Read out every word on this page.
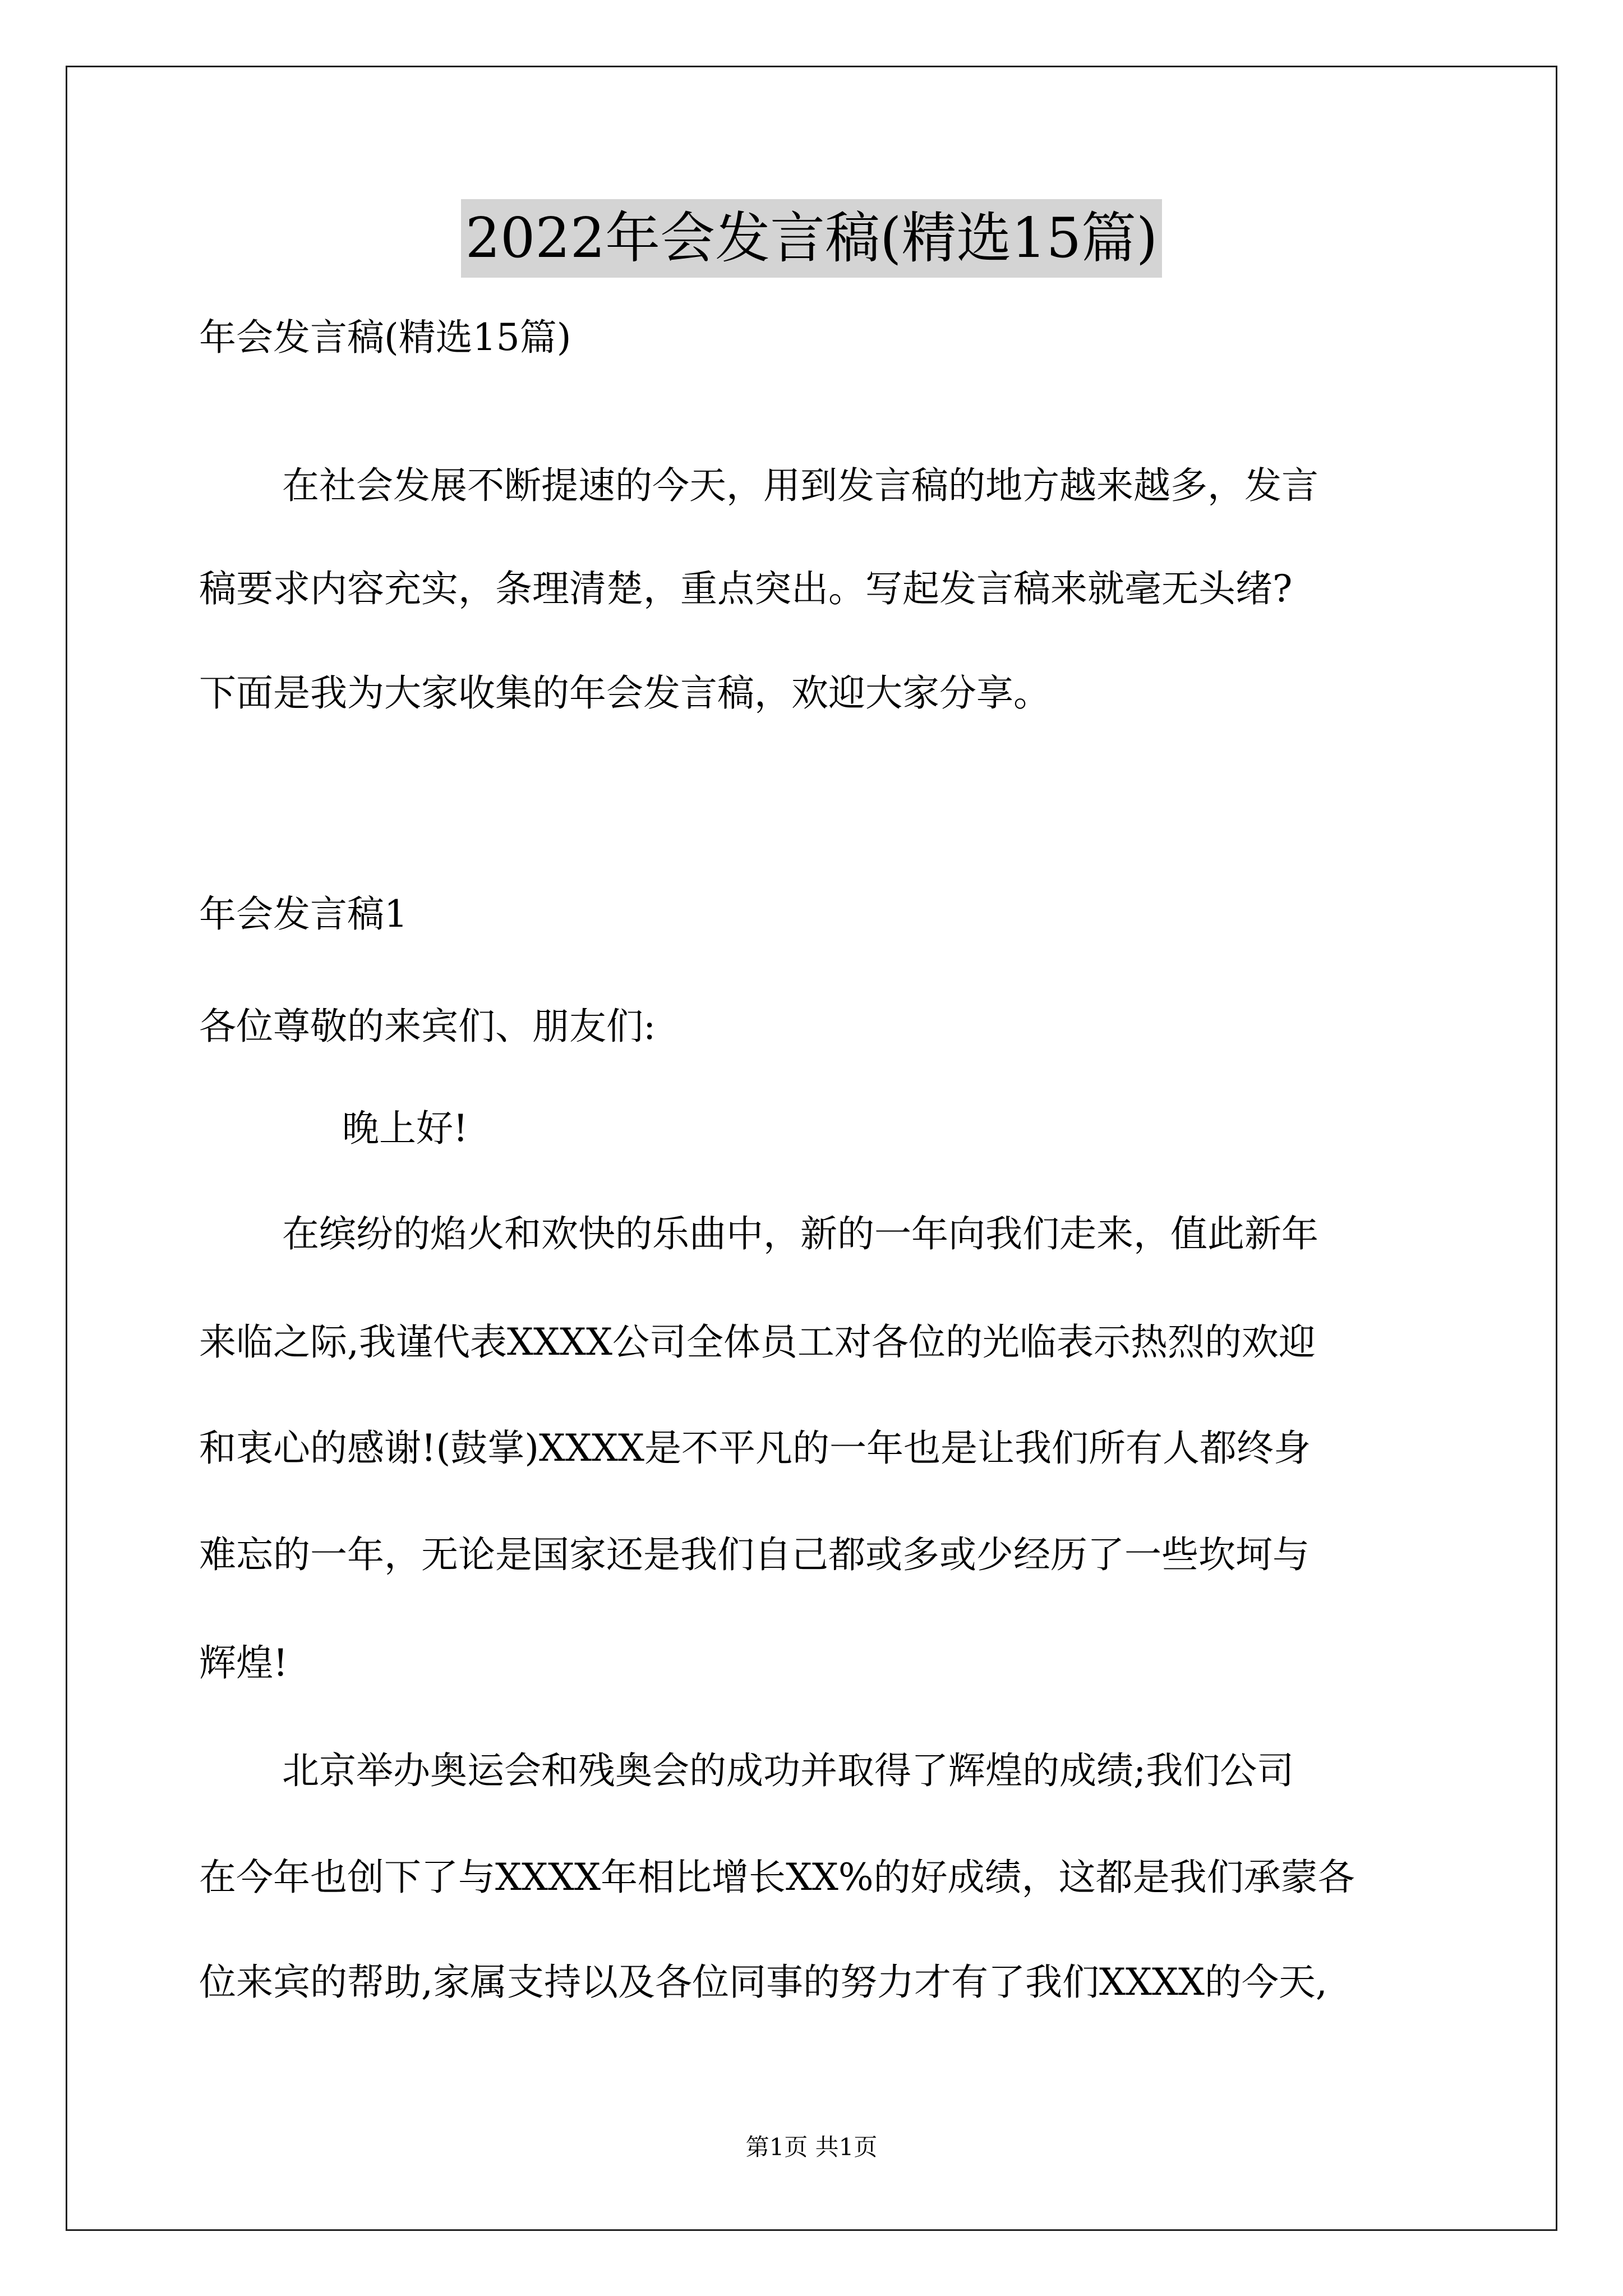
2022年会发言稿(精选15篇)

年会发言稿(精选15篇)

在社会发展不断提速的今天，用到发言稿的地方越来越多，发言

稿要求内容充实，条理清楚，重点突出。写起发言稿来就毫无头绪?

下面是我为大家收集的年会发言稿，欢迎大家分享。

年会发言稿1

各位尊敬的来宾们、朋友们:

晚上好!

在缤纷的焰火和欢快的乐曲中，新的一年向我们走来，值此新年

来临之际,我谨代表XXXX公司全体员工对各位的光临表示热烈的欢迎

和衷心的感谢!(鼓掌)XXXX是不平凡的一年也是让我们所有人都终身

难忘的一年，无论是国家还是我们自己都或多或少经历了一些坎坷与

辉煌!

北京举办奥运会和残奥会的成功并取得了辉煌的成绩;我们公司

在今年也创下了与XXXX年相比增长XX%的好成绩，这都是我们承蒙各

位来宾的帮助,家属支持以及各位同事的努力才有了我们XXXX的今天,

第1页 共1页
